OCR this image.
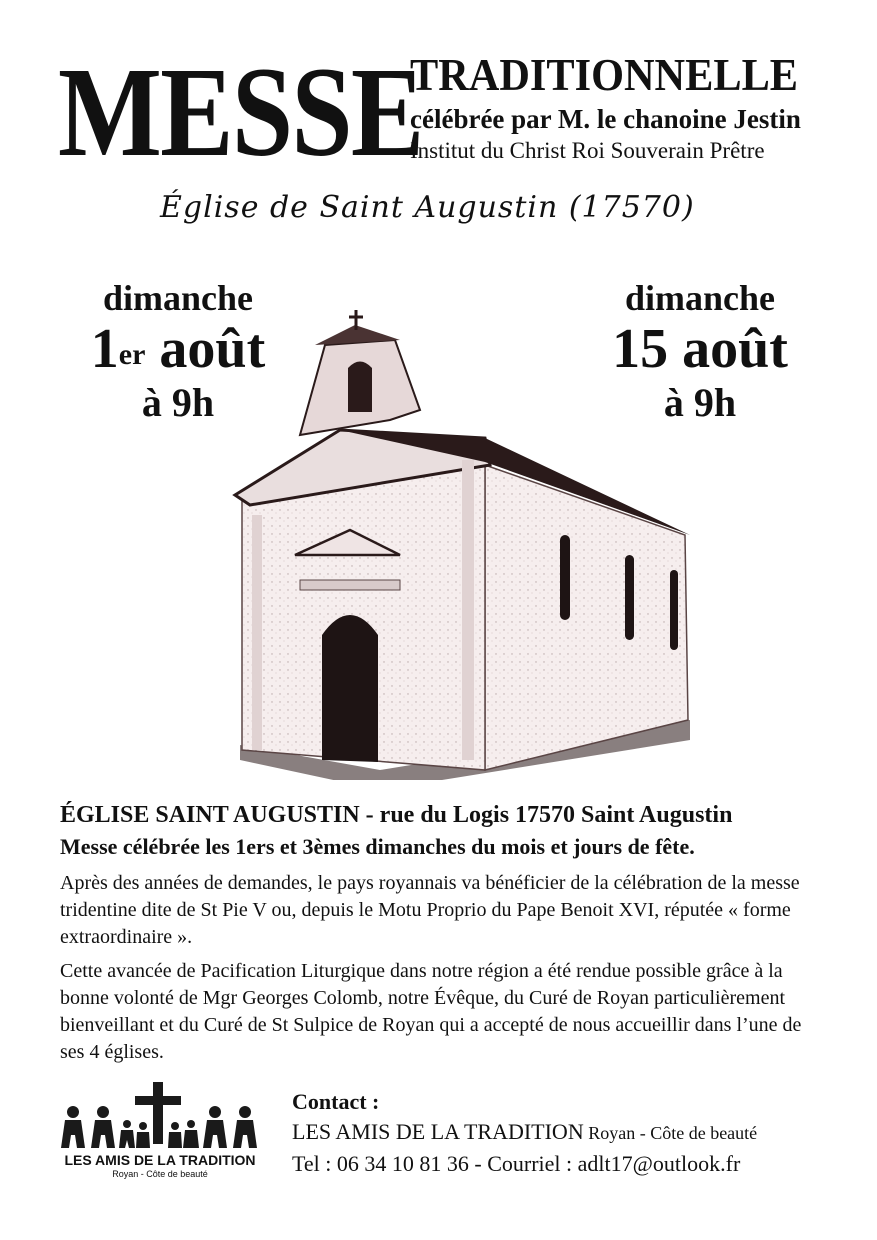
MESSE
TRADITIONNELLE
célébrée par M. le chanoine Jestin
Institut du Christ Roi Souverain Prêtre
Église de Saint Augustin (17570)
dimanche
1er août
à 9h
dimanche
15 août
à 9h
ÉGLISE SAINT AUGUSTIN - rue du Logis 17570 Saint Augustin
Messe célébrée les 1ers et 3èmes dimanches du mois et jours de fête.
Après des années de demandes, le pays royannais va bénéficier de la célébration de la messe tridentine dite de St Pie V ou, depuis le Motu Proprio du Pape Benoit XVI, réputée « forme extraordinaire ».
Cette avancée de Pacification Liturgique dans notre région a été rendue possible grâce à la bonne volonté de Mgr Georges Colomb, notre Évêque, du Curé de Royan particulièrement bienveillant et du Curé de St Sulpice de Royan qui a accepté de nous accueillir dans l’une de ses 4 églises.
LES AMIS DE LA TRADITION
Royan - Côte de beauté
Contact :
LES AMIS DE LA TRADITION Royan - Côte de beauté
Tel : 06 34 10 81 36 - Courriel : adlt17@outlook.fr
